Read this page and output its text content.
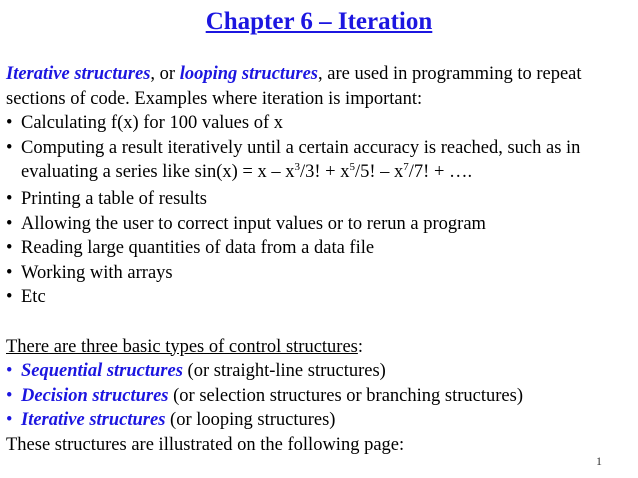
Chapter 6 – Iteration

Iterative structures, or looping structures, are used in programming to repeat sections of code. Examples where iteration is important:

• Calculating f(x) for 100 values of x
• Computing a result iteratively until a certain accuracy is reached, such as in evaluating a series like $\sin(x) = x - x^3/3$! + $x^5/5$! – $x^7/7$! + ….
• Printing a table of results
• Allowing the user to correct input values or to rerun a program
• Reading large quantities of data from a data file
• Working with arrays
• Etc

There are three basic types of control structures:

• Sequential structures (or straight-line structures)
• Decision structures (or selection structures or branching structures)
• Iterative structures (or looping structures)

These structures are illustrated on the following page:

1
